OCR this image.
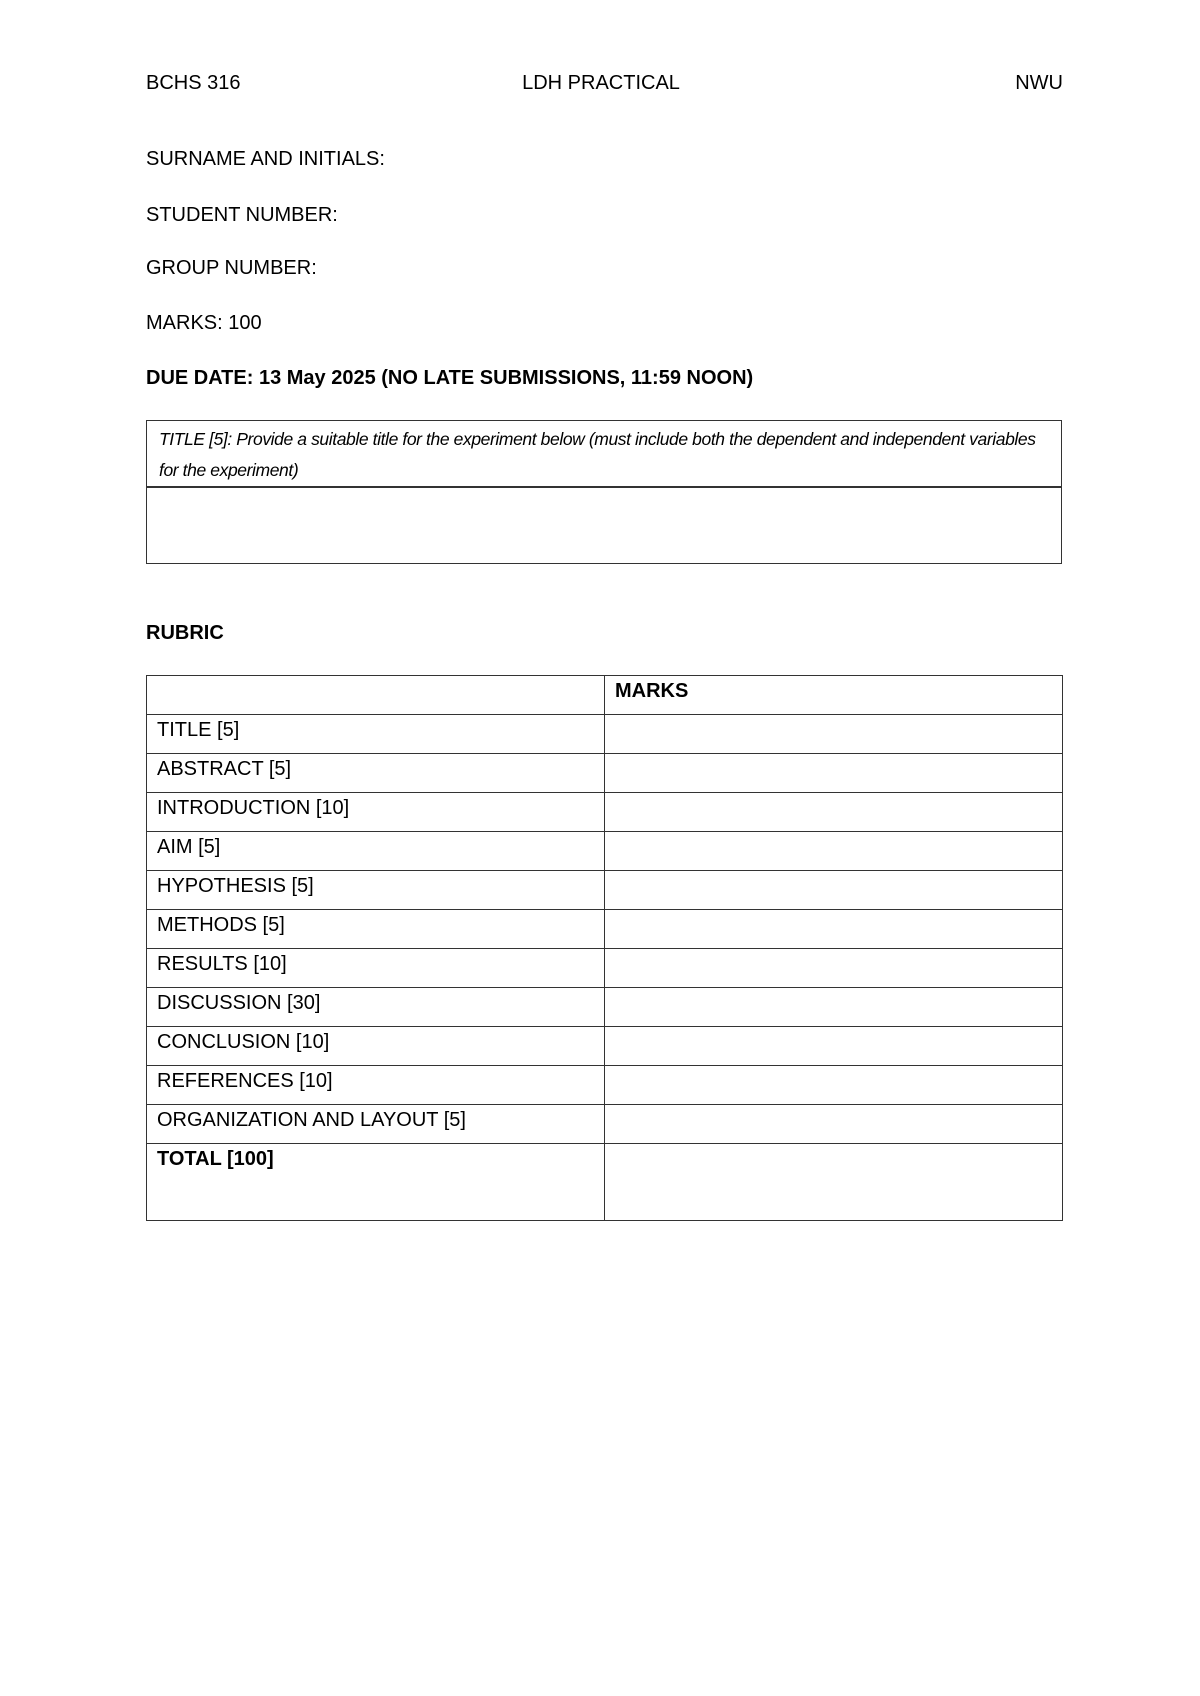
BCHS 316	LDH PRACTICAL	NWU
SURNAME AND INITIALS:
STUDENT NUMBER:
GROUP NUMBER:
MARKS: 100
DUE DATE: 13 May 2025 (NO LATE SUBMISSIONS, 11:59 NOON)
TITLE [5]: Provide a suitable title for the experiment below (must include both the dependent and independent variables for the experiment)
RUBRIC
	MARKS
TITLE [5]	
ABSTRACT [5]	
INTRODUCTION [10]	
AIM [5]	
HYPOTHESIS [5]	
METHODS [5]	
RESULTS [10]	
DISCUSSION [30]	
CONCLUSION [10]	
REFERENCES [10]	
ORGANIZATION AND LAYOUT [5]	
TOTAL [100]	
